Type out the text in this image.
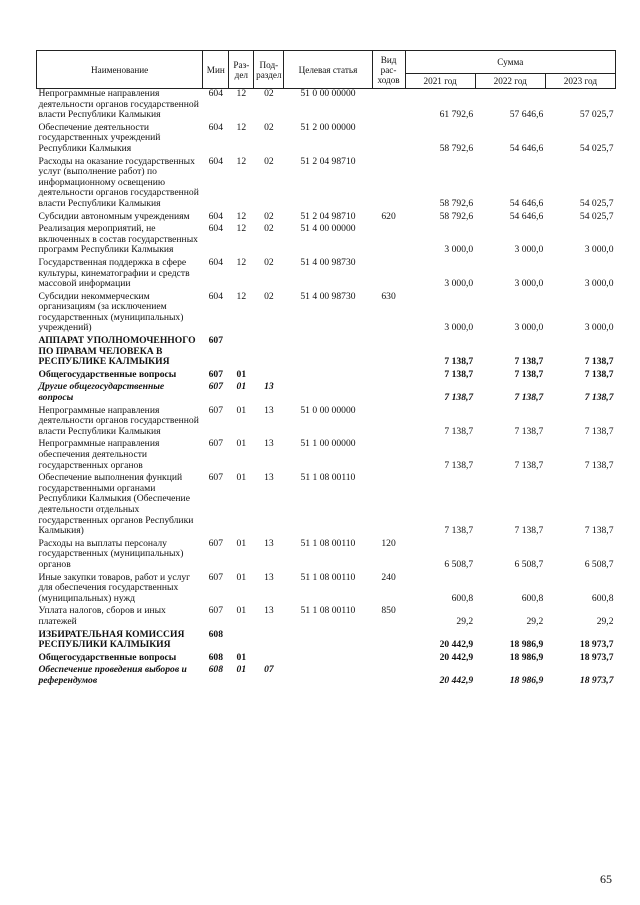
Наименование	Мин	Раз-дел	Под-раздел	Целевая статья	Вид рас-ходов	Сумма		
						2021 год	2022 год	2023 год
Непрограммные направления деятельности органов государственной власти Республики Калмыкия	604	12	02	51 0 00 00000		61 792,6	57 646,6	57 025,7
Обеспечение деятельности государственных учреждений Республики Калмыкия	604	12	02	51 2 00 00000		58 792,6	54 646,6	54 025,7
Расходы на оказание государственных услуг (выполнение работ) по информационному освещению деятельности органов государственной власти Республики Калмыкия	604	12	02	51 2 04 98710		58 792,6	54 646,6	54 025,7
Субсидии автономным учреждениям	604	12	02	51 2 04 98710	620	58 792,6	54 646,6	54 025,7
Реализация мероприятий, не включенных в состав государственных программ Республики Калмыкия	604	12	02	51 4 00 00000		3 000,0	3 000,0	3 000,0
Государственная поддержка в сфере культуры, кинематографии и средств массовой информации	604	12	02	51 4 00 98730		3 000,0	3 000,0	3 000,0
Субсидии некоммерческим организациям (за исключением государственных (муниципальных) учреждений)	604	12	02	51 4 00 98730	630	3 000,0	3 000,0	3 000,0
АППАРАТ УПОЛНОМОЧЕННОГО ПО ПРАВАМ ЧЕЛОВЕКА В РЕСПУБЛИКЕ КАЛМЫКИЯ	607					7 138,7	7 138,7	7 138,7
Общегосударственные вопросы	607	01				7 138,7	7 138,7	7 138,7
Другие общегосударственные вопросы	607	01	13			7 138,7	7 138,7	7 138,7
Непрограммные направления деятельности органов государственной власти Республики Калмыкия	607	01	13	51 0 00 00000		7 138,7	7 138,7	7 138,7
Непрограммные направления обеспечения деятельности государственных органов	607	01	13	51 1 00 00000		7 138,7	7 138,7	7 138,7
Обеспечение выполнения функций государственными органами Республики Калмыкия (Обеспечение деятельности отдельных государственных органов Республики Калмыкия)	607	01	13	51 1 08 00110		7 138,7	7 138,7	7 138,7
Расходы на выплаты персоналу государственных (муниципальных) органов	607	01	13	51 1 08 00110	120	6 508,7	6 508,7	6 508,7
Иные закупки товаров, работ и услуг для обеспечения государственных (муниципальных) нужд	607	01	13	51 1 08 00110	240	600,8	600,8	600,8
Уплата налогов, сборов и иных платежей	607	01	13	51 1 08 00110	850	29,2	29,2	29,2
ИЗБИРАТЕЛЬНАЯ КОМИССИЯ РЕСПУБЛИКИ КАЛМЫКИЯ	608					20 442,9	18 986,9	18 973,7
Общегосударственные вопросы	608	01				20 442,9	18 986,9	18 973,7
Обеспечение проведения выборов и референдумов	608	01	07			20 442,9	18 986,9	18 973,7
65
